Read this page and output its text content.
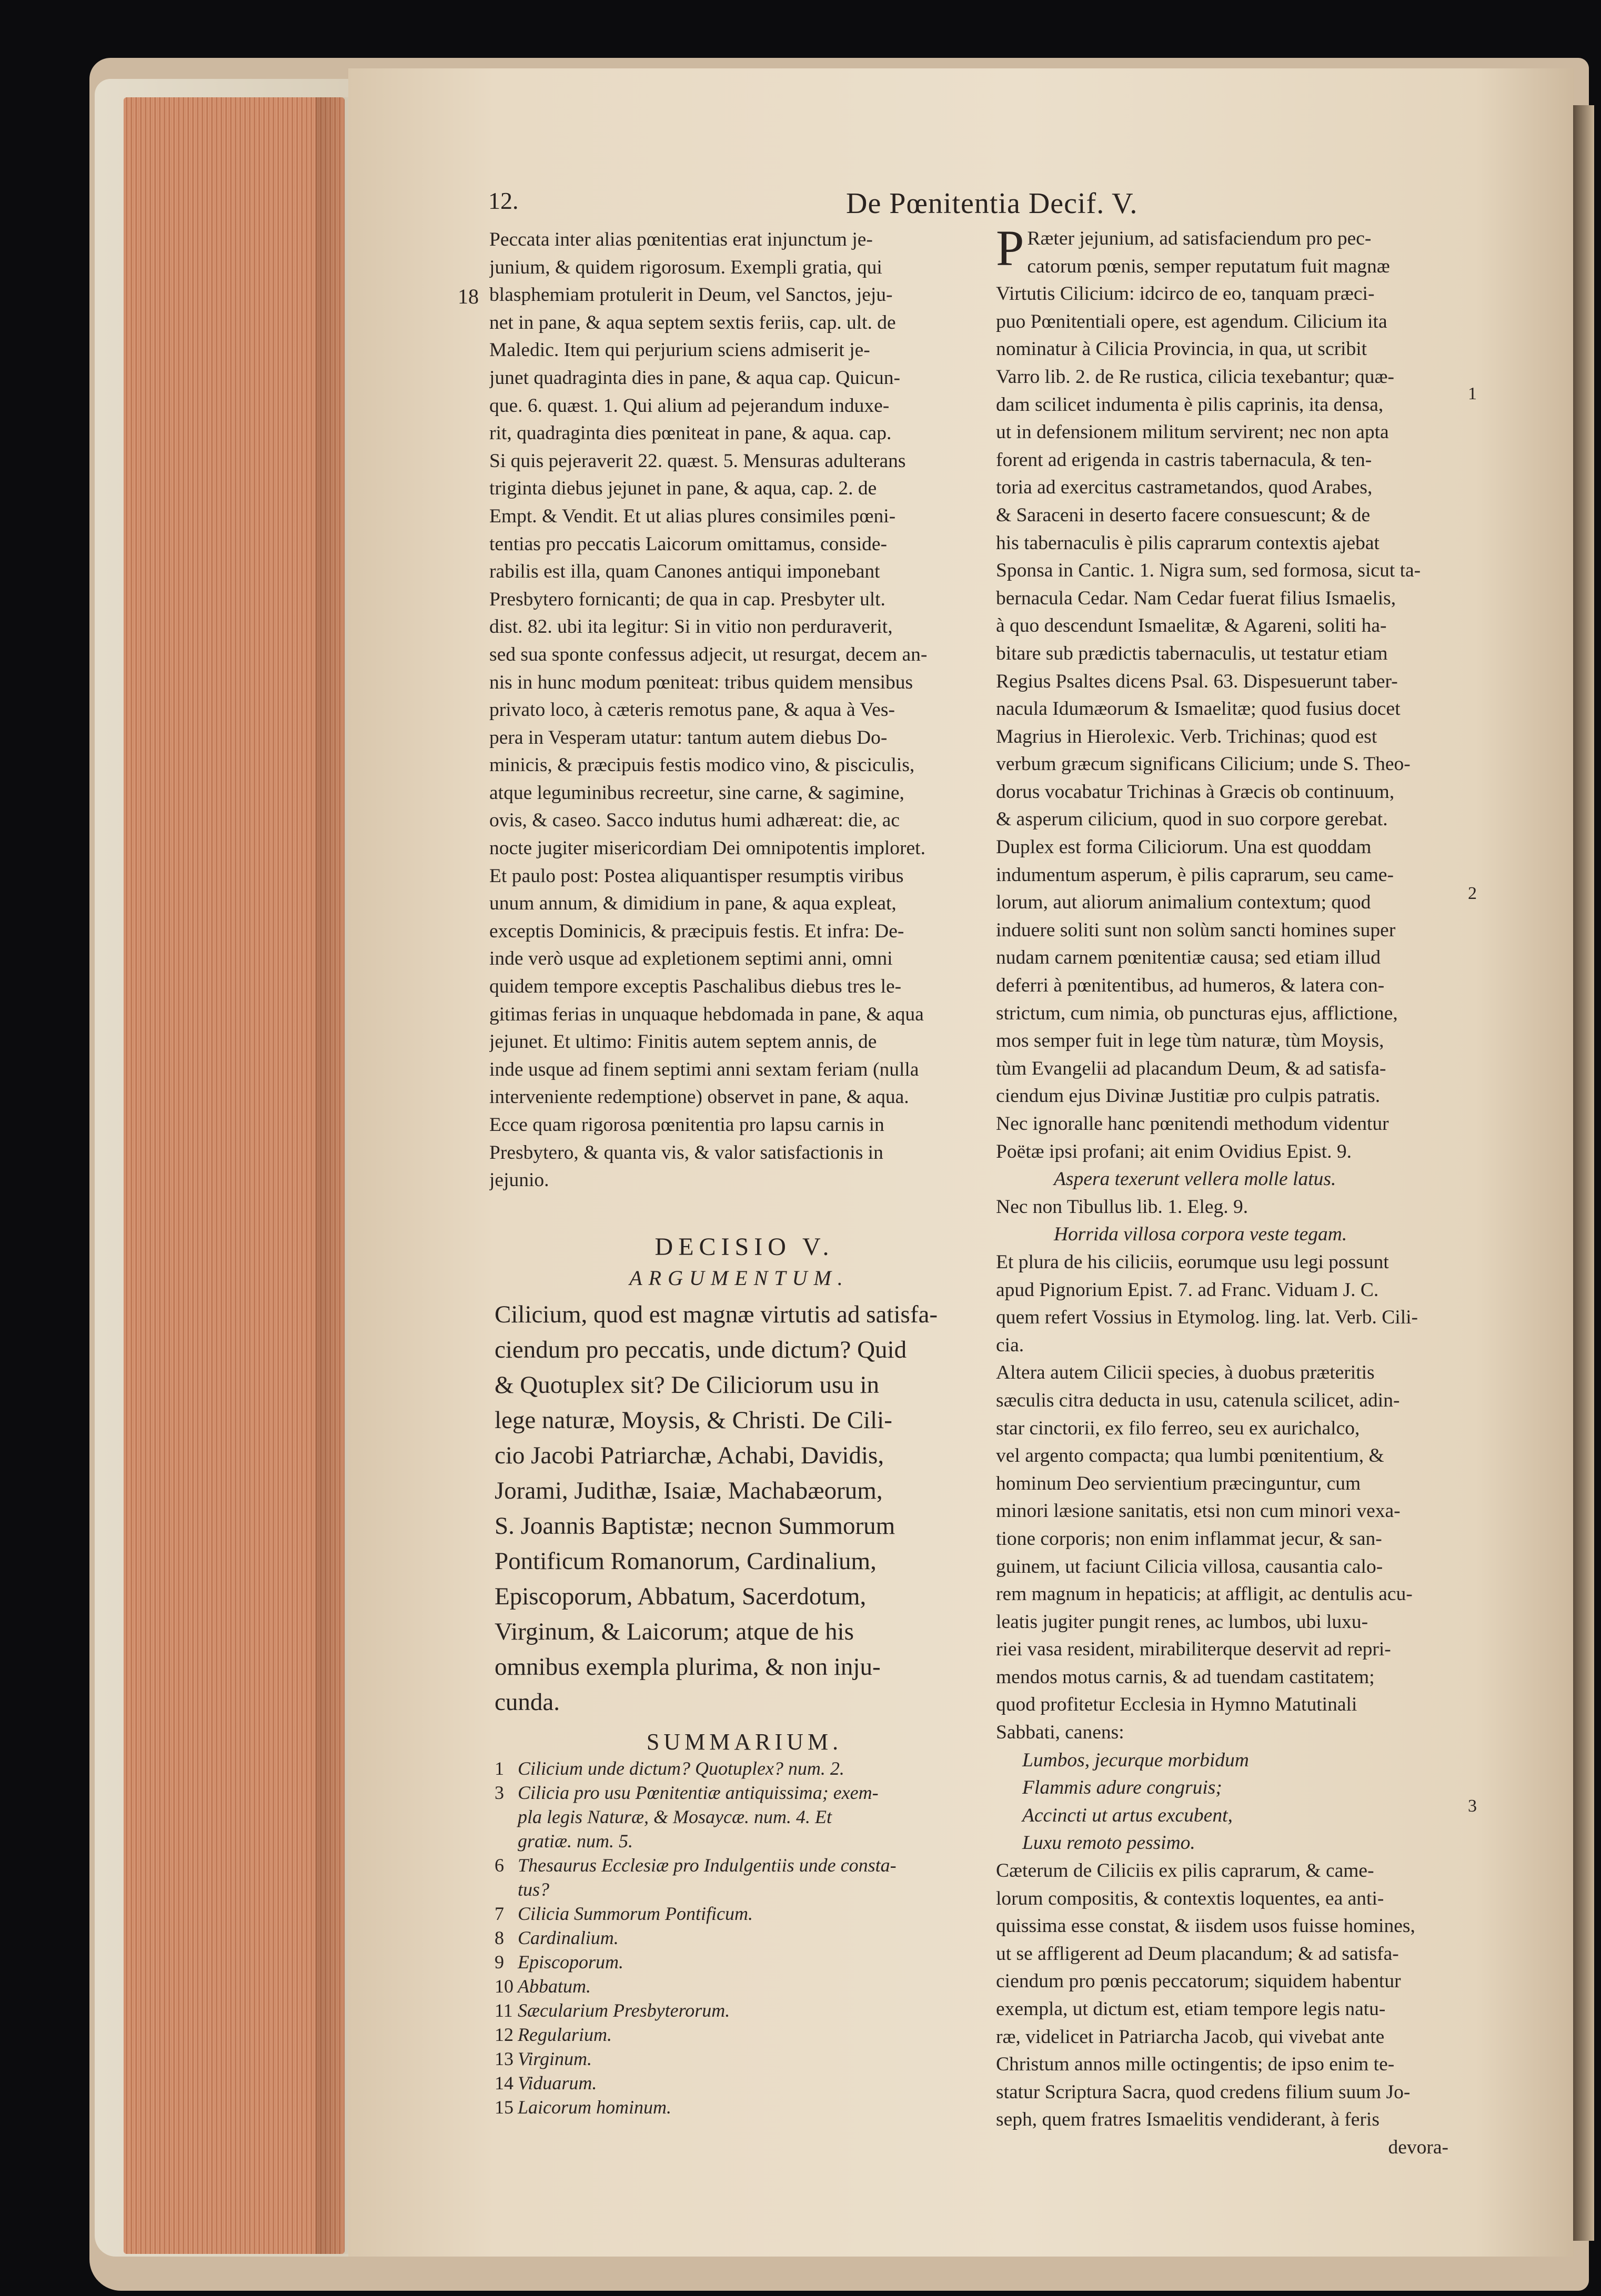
12.	De Pœnitentia Decif. V.
18
1
2
3
Peccata inter alias pœnitentias erat injunctum je-
junium, & quidem rigorosum. Exempli gratia, qui
blasphemiam protulerit in Deum, vel Sanctos, jeju-
net in pane, & aqua septem sextis feriis, cap. ult. de
Maledic. Item qui perjurium sciens admiserit je-
junet quadraginta dies in pane, & aqua cap. Quicun-
que. 6. quæst. 1. Qui alium ad pejerandum induxe-
rit, quadraginta dies pœniteat in pane, & aqua. cap.
Si quis pejeraverit 22. quæst. 5. Mensuras adulterans
triginta diebus jejunet in pane, & aqua, cap. 2. de
Empt. & Vendit. Et ut alias plures consimiles pœni-
tentias pro peccatis Laicorum omittamus, conside-
rabilis est illa, quam Canones antiqui imponebant
Presbytero fornicanti; de qua in cap. Presbyter ult.
dist. 82. ubi ita legitur: Si in vitio non perduraverit,
sed sua sponte confessus adjecit, ut resurgat, decem an-
nis in hunc modum pœniteat: tribus quidem mensibus
privato loco, à cæteris remotus pane, & aqua à Ves-
pera in Vesperam utatur: tantum autem diebus Do-
minicis, & præcipuis festis modico vino, & pisciculis,
atque leguminibus recreetur, sine carne, & sagimine,
ovis, & caseo. Sacco indutus humi adhæreat: die, ac
nocte jugiter misericordiam Dei omnipotentis imploret.
Et paulo post: Postea aliquantisper resumptis viribus
unum annum, & dimidium in pane, & aqua expleat,
exceptis Dominicis, & præcipuis festis. Et infra: De-
inde verò usque ad expletionem septimi anni, omni
quidem tempore exceptis Paschalibus diebus tres le-
gitimas ferias in unquaque hebdomada in pane, & aqua
jejunet. Et ultimo: Finitis autem septem annis, de
inde usque ad finem septimi anni sextam feriam (nulla
interveniente redemptione) observet in pane, & aqua.
Ecce quam rigorosa pœnitentia pro lapsu carnis in
Presbytero, & quanta vis, & valor satisfactionis in
jejunio.
DECISIO V.
ARGUMENTUM.
Cilicium, quod est magnæ virtutis ad satisfa-
ciendum pro peccatis, unde dictum? Quid
& Quotuplex sit? De Ciliciorum usu in
lege naturæ, Moysis, & Christi. De Cili-
cio Jacobi Patriarchæ, Achabi, Davidis,
Jorami, Judithæ, Isaiæ, Machabæorum,
S. Joannis Baptistæ; necnon Summorum
Pontificum Romanorum, Cardinalium,
Episcoporum, Abbatum, Sacerdotum,
Virginum, & Laicorum; atque de his
omnibus exempla plurima, & non inju-
cunda.
SUMMARIUM.
1 Cilicium unde dictum? Quotuplex? num. 2.
3 Cilicia pro usu Pœnitentiæ antiquissima; exem-
pla legis Naturæ, & Mosaycæ. num. 4. Et
gratiæ. num. 5.
6 Thesaurus Ecclesiæ pro Indulgentiis unde consta-
tus?
7 Cilicia Summorum Pontificum.
8 Cardinalium.
9 Episcoporum.
10 Abbatum.
11 Sæcularium Presbyterorum.
12 Regularium.
13 Virginum.
14 Viduarum.
15 Laicorum hominum.
P Ræter jejunium, ad satisfaciendum pro pec-
catorum pœnis, semper reputatum fuit magnæ
Virtutis Cilicium: idcirco de eo, tanquam præci-
puo Pœnitentiali opere, est agendum. Cilicium ita
nominatur à Cilicia Provincia, in qua, ut scribit
Varro lib. 2. de Re rustica, cilicia texebantur; quæ-
dam scilicet indumenta è pilis caprinis, ita densa,
ut in defensionem militum servirent; nec non apta
forent ad erigenda in castris tabernacula, & ten-
toria ad exercitus castrametandos, quod Arabes,
& Saraceni in deserto facere consuescunt; & de
his tabernaculis è pilis caprarum contextis ajebat
Sponsa in Cantic. 1. Nigra sum, sed formosa, sicut ta-
bernacula Cedar. Nam Cedar fuerat filius Ismaelis,
à quo descendunt Ismaelitæ, & Agareni, soliti ha-
bitare sub prædictis tabernaculis, ut testatur etiam
Regius Psaltes dicens Psal. 63. Dispesuerunt taber-
nacula Idumæorum & Ismaelitæ; quod fusius docet
Magrius in Hierolexic. Verb. Trichinas; quod est
verbum græcum significans Cilicium; unde S. Theo-
dorus vocabatur Trichinas à Græcis ob continuum,
& asperum cilicium, quod in suo corpore gerebat.
Duplex est forma Ciliciorum. Una est quoddam
indumentum asperum, è pilis caprarum, seu came-
lorum, aut aliorum animalium contextum; quod
induere soliti sunt non solùm sancti homines super
nudam carnem pœnitentiæ causa; sed etiam illud
deferri à pœnitentibus, ad humeros, & latera con-
strictum, cum nimia, ob puncturas ejus, afflictione,
mos semper fuit in lege tùm naturæ, tùm Moysis,
tùm Evangelii ad placandum Deum, & ad satisfa-
ciendum ejus Divinæ Justitiæ pro culpis patratis.
Nec ignoralle hanc pœnitendi methodum videntur
Poëtæ ipsi profani; ait enim Ovidius Epist. 9.
Aspera texerunt vellera molle latus.
Nec non Tibullus lib. 1. Eleg. 9.
Horrida villosa corpora veste tegam.
Et plura de his ciliciis, eorumque usu legi possunt
apud Pignorium Epist. 7. ad Franc. Viduam J. C.
quem refert Vossius in Etymolog. ling. lat. Verb. Cili-
cia.
Altera autem Cilicii species, à duobus præteritis
sæculis citra deducta in usu, catenula scilicet, adin-
star cinctorii, ex filo ferreo, seu ex aurichalco,
vel argento compacta; qua lumbi pœnitentium, &
hominum Deo servientium præcinguntur, cum
minori læsione sanitatis, etsi non cum minori vexa-
tione corporis; non enim inflammat jecur, & san-
guinem, ut faciunt Cilicia villosa, causantia calo-
rem magnum in hepaticis; at affligit, ac dentulis acu-
leatis jugiter pungit renes, ac lumbos, ubi luxu-
riei vasa resident, mirabiliterque deservit ad repri-
mendos motus carnis, & ad tuendam castitatem;
quod profitetur Ecclesia in Hymno Matutinali
Sabbati, canens:
Lumbos, jecurque morbidum
Flammis adure congruis;
Accincti ut artus excubent,
Luxu remoto pessimo.
Cæterum de Ciliciis ex pilis caprarum, & came-
lorum compositis, & contextis loquentes, ea anti-
quissima esse constat, & iisdem usos fuisse homines,
ut se affligerent ad Deum placandum; & ad satisfa-
ciendum pro pœnis peccatorum; siquidem habentur
exempla, ut dictum est, etiam tempore legis natu-
ræ, videlicet in Patriarcha Jacob, qui vivebat ante
Christum annos mille octingentis; de ipso enim te-
statur Scriptura Sacra, quod credens filium suum Jo-
seph, quem fratres Ismaelitis vendiderant, à feris
devora-
